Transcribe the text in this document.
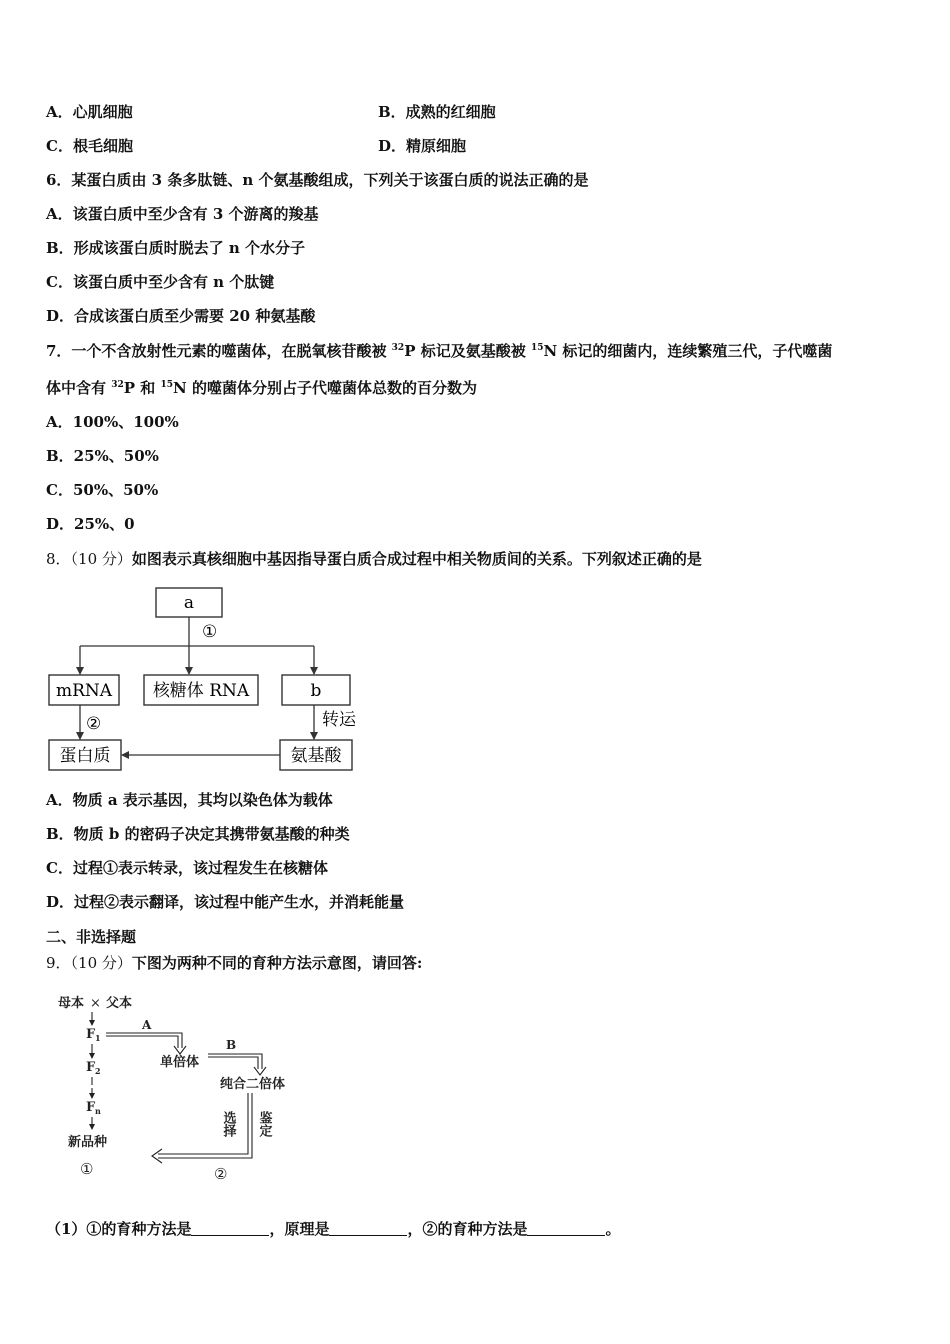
A．心肌细胞	B．成熟的红细胞
C．根毛细胞	D．精原细胞
6．某蛋白质由 3 条多肽链、n 个氨基酸组成，下列关于该蛋白质的说法正确的是
A．该蛋白质中至少含有 3 个游离的羧基
B．形成该蛋白质时脱去了 n 个水分子
C．该蛋白质中至少含有 n 个肽键
D．合成该蛋白质至少需要 20 种氨基酸
7．一个不含放射性元素的噬菌体，在脱氧核苷酸被 $^{32}$P 标记及氨基酸被 $^{15}$N 标记的细菌内，连续繁殖三代，子代噬菌
体中含有 $^{32}$P 和 $^{15}$N 的噬菌体分别占子代噬菌体总数的百分数为
A．100%、100%
B．25%、50%
C．50%、50%
D．25%、0
8．（10 分）如图表示真核细胞中基因指导蛋白质合成过程中相关物质间的关系。下列叙述正确的是
a
①
mRNA 核糖体 RNA	b
②	转运
蛋白质	氨基酸
A．物质 a 表示基因，其均以染色体为载体
B．物质 b 的密码子决定其携带氨基酸的种类
C．过程①表示转录，该过程发生在核糖体
D．过程②表示翻译，该过程中能产生水，并消耗能量
二、非选择题
9．（10 分）下图为两种不同的育种方法示意图，请回答:
母本 × 父本
F 1
F 2
F n
新品种
①
A
单倍体
B
纯合二倍体
选择 鉴定
②
（1）①的育种方法是	，原理是	，②的育种方法是	。
